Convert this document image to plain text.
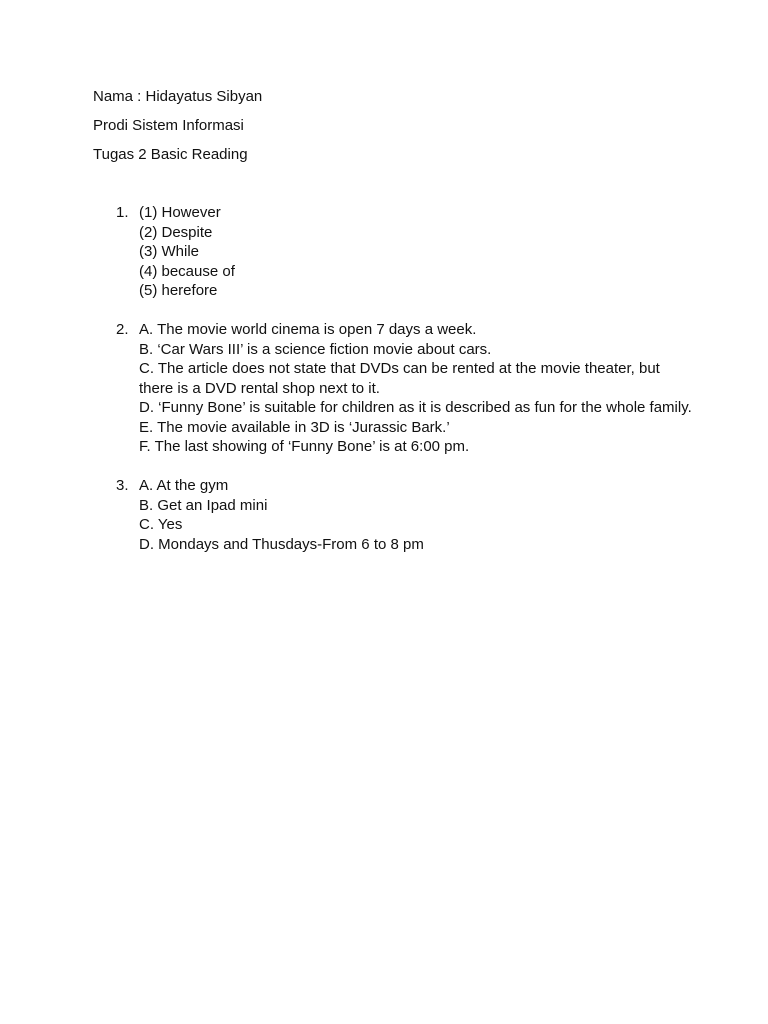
Nama : Hidayatus Sibyan

Prodi Sistem Informasi

Tugas 2 Basic Reading

1. (1) However
(2) Despite
(3) While
(4) because of
(5) herefore
2. A. The movie world cinema is open 7 days a week.
B. ‘Car Wars III’ is a science fiction movie about cars.
C. The article does not state that DVDs can be rented at the movie theater, but there is a DVD rental shop next to it.
D. ‘Funny Bone’ is suitable for children as it is described as fun for the whole family.
E. The movie available in 3D is ‘Jurassic Bark.’
F. The last showing of ‘Funny Bone’ is at 6:00 pm.
3. A. At the gym
B. Get an Ipad mini
C. Yes
D. Mondays and Thusdays-From 6 to 8 pm
